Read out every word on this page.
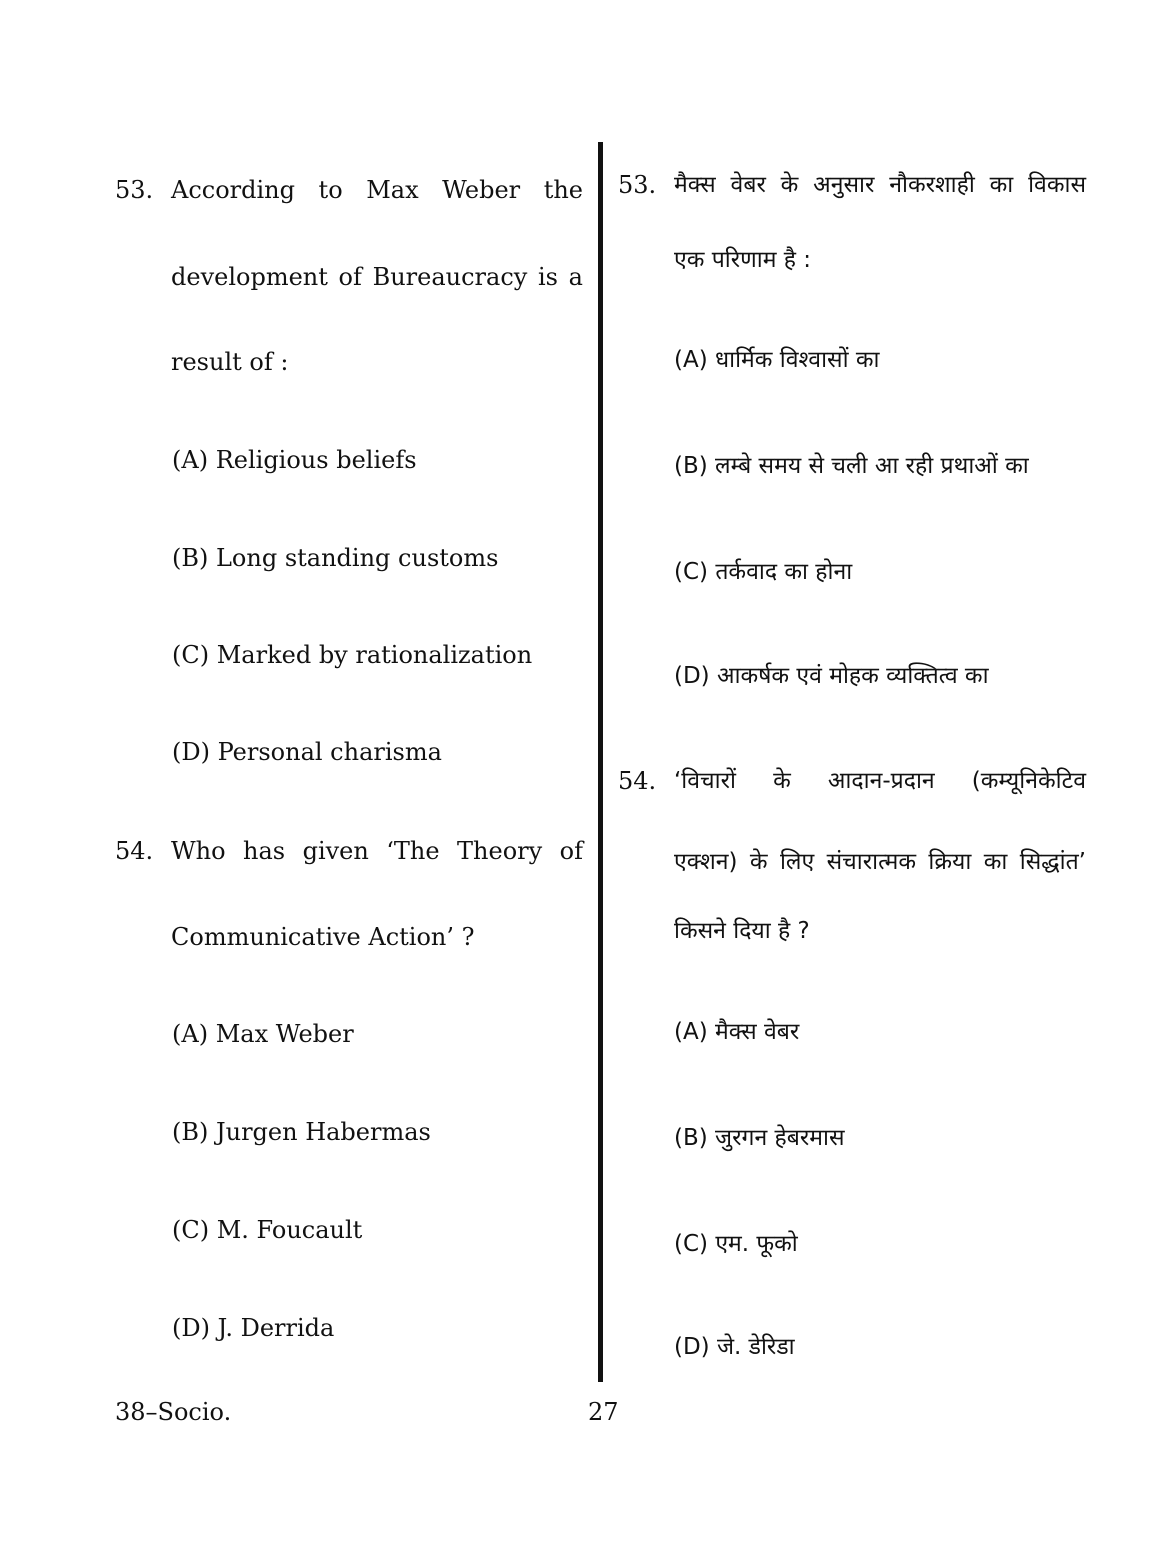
53. According to Max Weber the
development of Bureaucracy is a
result of :
(A) Religious beliefs
(B) Long standing customs
(C) Marked by rationalization
(D) Personal charisma
54. Who has given ‘The Theory of
Communicative Action’ ?
(A) Max Weber
(B) Jurgen Habermas
(C) M. Foucault
(D) J. Derrida
53. मैक्स वेबर के अनुसार नौकरशाही का विकास
एक परिणाम है :
(A) धार्मिक विश्वासों का
(B) लम्बे समय से चली आ रही प्रथाओं का
(C) तर्कवाद का होना
(D) आकर्षक एवं मोहक व्यक्तित्व का
54. ‘विचारों के आदान-प्रदान (कम्यूनिकेटिव
एक्शन) के लिए संचारात्मक क्रिया का सिद्धांत’
किसने दिया है ?
(A) मैक्स वेबर
(B) जुरगन हेबरमास
(C) एम. फूको
(D) जे. डेरिडा
38–Socio.	27
